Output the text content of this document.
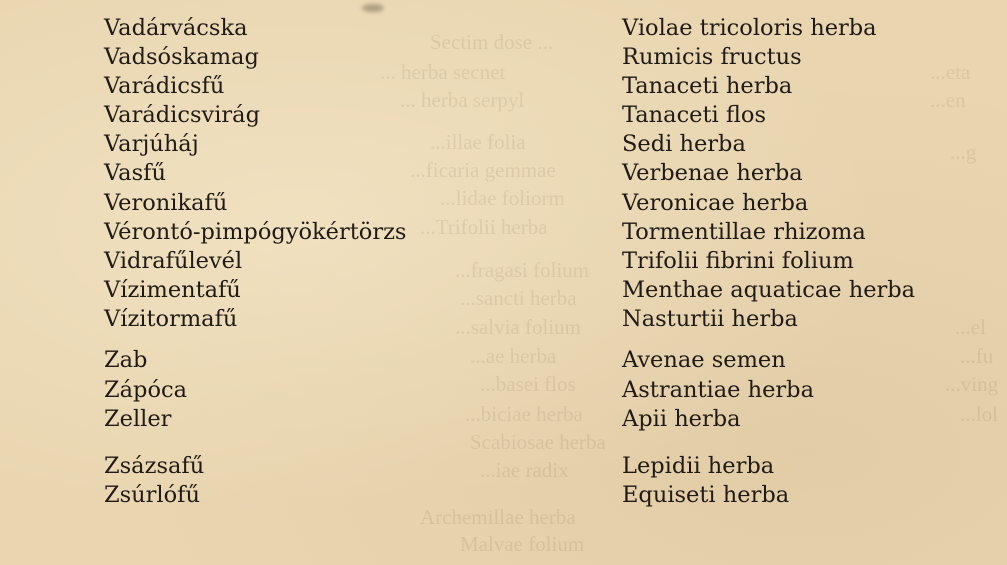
Sectim dose ...
... herba secnet
... herba serpyl
...illae folia
...ficaria gemmae
...lidae foliorm
...Trifolii herba
...fragasi folium
...sancti herba
...salvia folium
...ae herba
...basei flos
...biciae herba
Scabiosae herba
...iae radix
Archemillae herba
Malvae folium
...eta
...en
...g
...el
...fu
...ving
...lol
Vadárvácska	Violae tricoloris herba
Vadsóskamag	Rumicis fructus
Varádicsfű	Tanaceti herba
Varádicsvirág	Tanaceti flos
Varjúháj	Sedi herba
Vasfű	Verbenae herba
Veronikafű	Veronicae herba
Vérontó-pimpógyökértörzs	Tormentillae rhizoma
Vidrafűlevél	Trifolii fibrini folium
Vízimentafű	Menthae aquaticae herba
Vízitormafű	Nasturtii herba
Zab	Avenae semen
Zápóca	Astrantiae herba
Zeller	Apii herba
Zsázsafű	Lepidii herba
Zsúrlófű	Equiseti herba
